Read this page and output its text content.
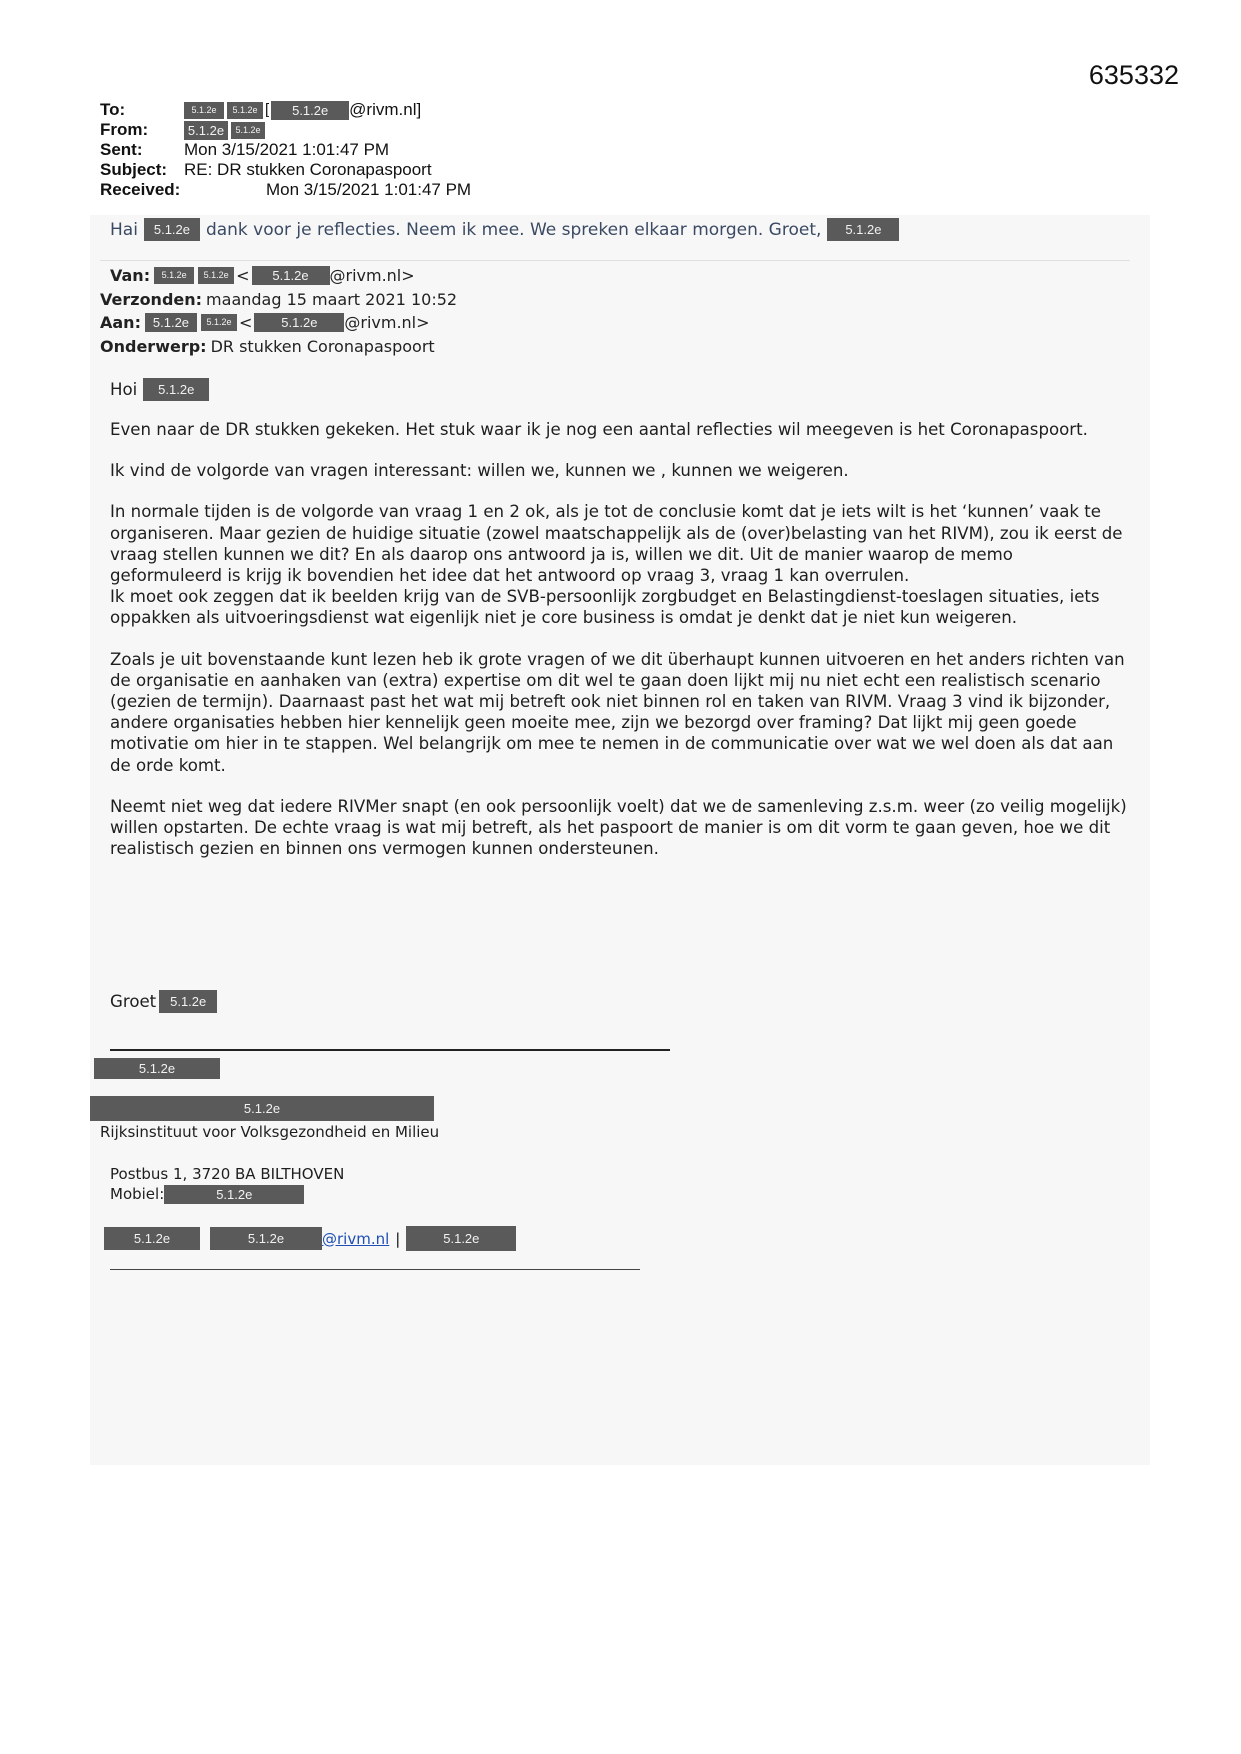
635332
To:	5.1.2e	5.1.2e [	5.1.2e	@rivm.nl]
From:	5.1.2e	5.1.2e
Sent:	Mon 3/15/2021 1:01:47 PM
Subject: RE: DR stukken Coronapaspoort
Received:	Mon 3/15/2021 1:01:47 PM
Hai	5.1.2e dank voor je reflecties. Neem ik mee. We spreken elkaar morgen. Groet,	5.1.2e
Van:	5.1.2e	5.1.2e <	5.1.2e	@rivm.nl>
Verzonden: maandag 15 maart 2021 10:52
Aan: 5.1.2e	5.1.2e <	5.1.2e	@rivm.nl>
Onderwerp: DR stukken Coronapaspoort

Hoi	5.1.2e

Even naar de DR stukken gekeken. Het stuk waar ik je nog een aantal reflecties wil meegeven is het Coronapaspoort.

Ik vind de volgorde van vragen interessant: willen we, kunnen we , kunnen we weigeren.

In normale tijden is de volgorde van vraag 1 en 2 ok, als je tot de conclusie komt dat je iets wilt is het ‘kunnen’ vaak te organiseren. Maar gezien de huidige situatie (zowel maatschappelijk als de (over)belasting van het RIVM), zou ik eerst de vraag stellen kunnen we dit? En als daarop ons antwoord ja is, willen we dit. Uit de manier waarop de memo geformuleerd is krijg ik bovendien het idee dat het antwoord op vraag 3, vraag 1 kan overrulen.

Ik moet ook zeggen dat ik beelden krijg van de SVB-persoonlijk zorgbudget en Belastingdienst-toeslagen situaties, iets oppakken als uitvoeringsdienst wat eigenlijk niet je core business is omdat je denkt dat je niet kun weigeren.

Zoals je uit bovenstaande kunt lezen heb ik grote vragen of we dit überhaupt kunnen uitvoeren en het anders richten van de organisatie en aanhaken van (extra) expertise om dit wel te gaan doen lijkt mij nu niet echt een realistisch scenario (gezien de termijn). Daarnaast past het wat mij betreft ook niet binnen rol en taken van RIVM. Vraag 3 vind ik bijzonder, andere organisaties hebben hier kennelijk geen moeite mee, zijn we bezorgd over framing? Dat lijkt mij geen goede motivatie om hier in te stappen. Wel belangrijk om mee te nemen in de communicatie over wat we wel doen als dat aan de orde komt.

Neemt niet weg dat iedere RIVMer snapt (en ook persoonlijk voelt) dat we de samenleving z.s.m. weer (zo veilig mogelijk) willen opstarten. De echte vraag is wat mij betreft, als het paspoort de manier is om dit vorm te gaan geven, hoe we dit realistisch gezien en binnen ons vermogen kunnen ondersteunen.

Groet	5.1.2e
5.1.2e
5.1.2e
Rijksinstituut voor Volksgezondheid en Milieu
Postbus 1, 3720 BA BILTHOVEN
Mobiel:	5.1.2e
5.1.2e	5.1.2e	@rivm.nl |	5.1.2e
